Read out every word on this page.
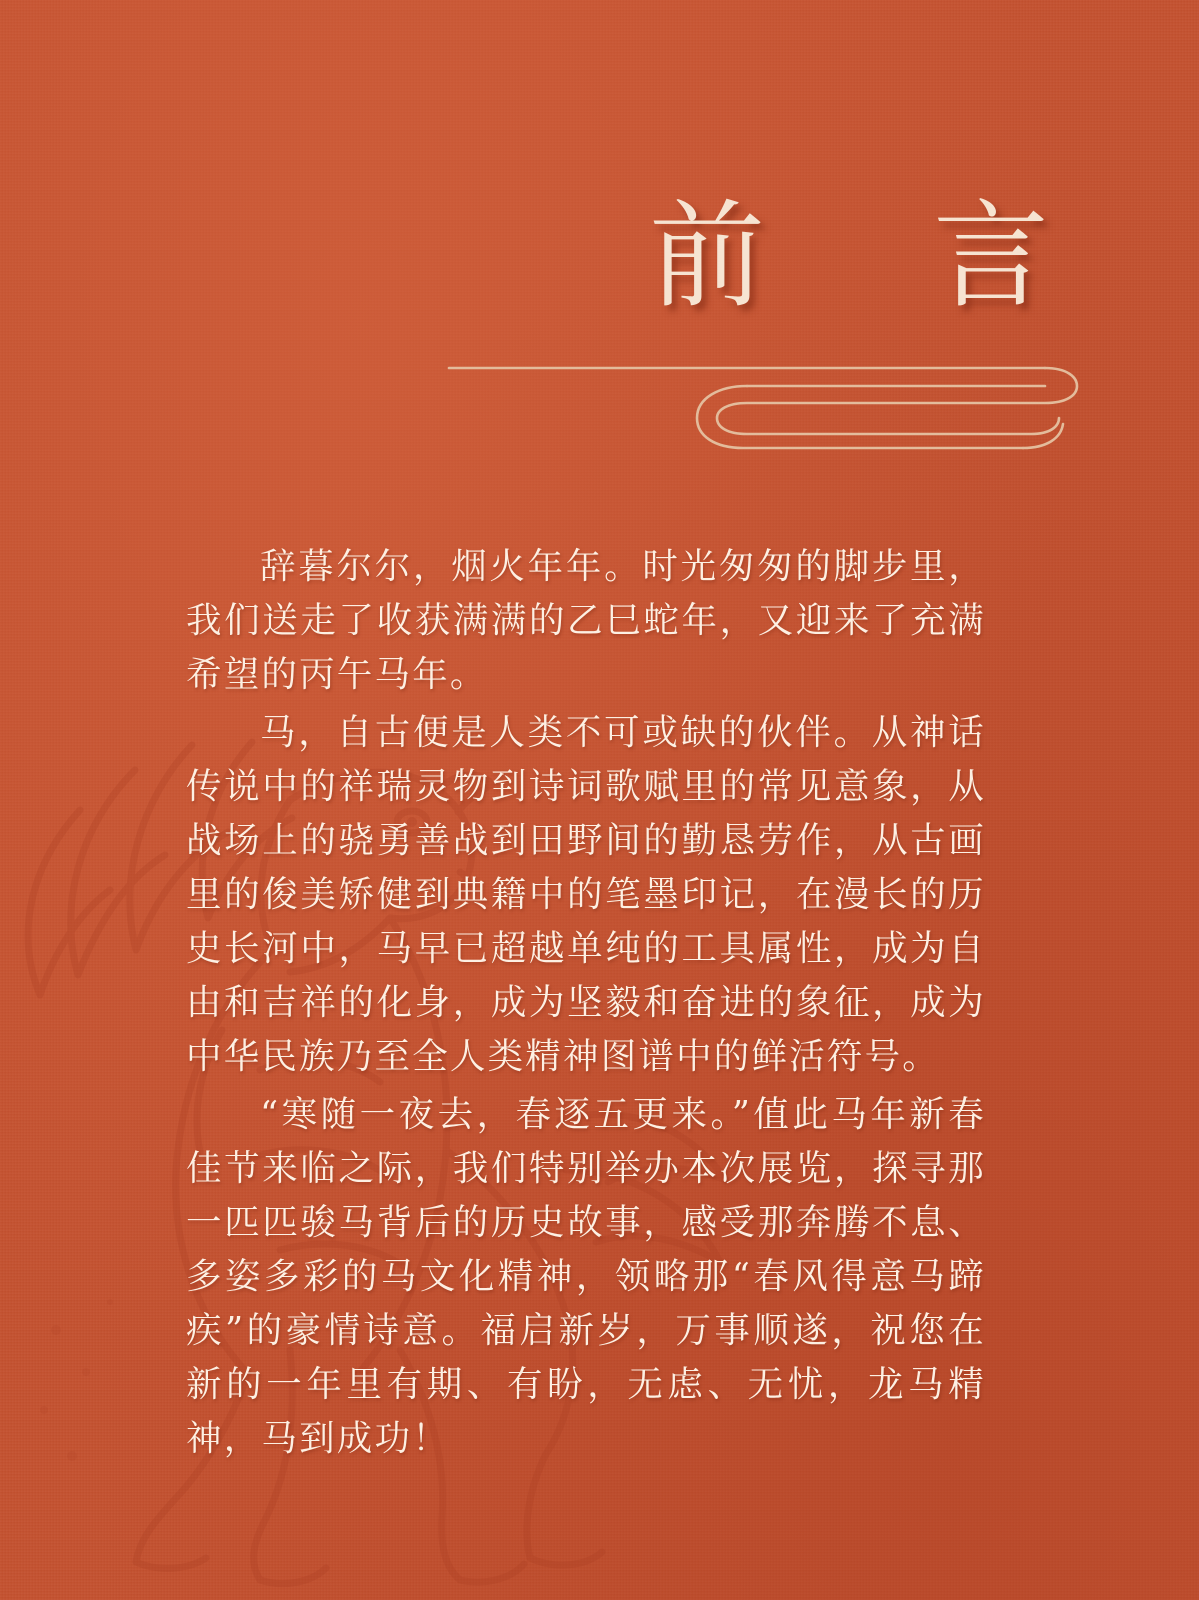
前　言

辞暮尔尔，烟火年年。时光匆匆的脚步里，我们送走了收获满满的乙巳蛇年，又迎来了充满希望的丙午马年。

马，自古便是人类不可或缺的伙伴。从神话传说中的祥瑞灵物到诗词歌赋里的常见意象，从战场上的骁勇善战到田野间的勤恳劳作，从古画里的俊美矫健到典籍中的笔墨印记，在漫长的历史长河中，马早已超越单纯的工具属性，成为自由和吉祥的化身，成为坚毅和奋进的象征，成为中华民族乃至全人类精神图谱中的鲜活符号。

“寒随一夜去，春逐五更来。”值此马年新春佳节来临之际，我们特别举办本次展览，探寻那一匹匹骏马背后的历史故事，感受那奔腾不息、多姿多彩的马文化精神，领略那“春风得意马蹄疾”的豪情诗意。福启新岁，万事顺遂，祝您在新的一年里有期、有盼，无虑、无忧，龙马精神，马到成功！
